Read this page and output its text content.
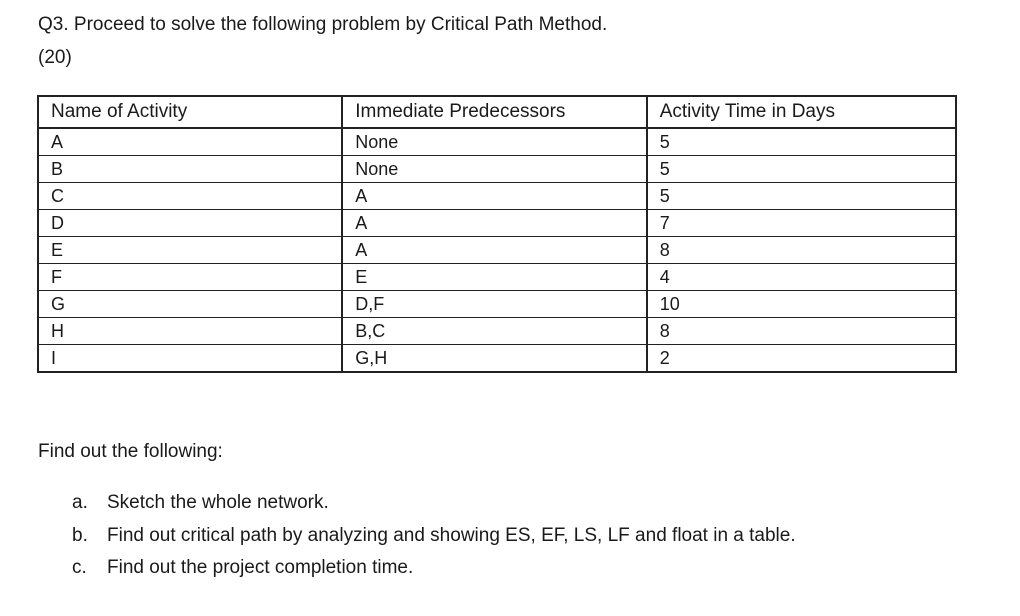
Q3. Proceed to solve the following problem by Critical Path Method.
(20)
Name of Activity	Immediate Predecessors	Activity Time in Days
A	None	5
B	None	5
C	A	5
D	A	7
E	A	8
F	E	4
G	D,F	10
H	B,C	8
I	G,H	2
Find out the following:
a. Sketch the whole network.
b. Find out critical path by analyzing and showing ES, EF, LS, LF and float in a table.
c. Find out the project completion time.
